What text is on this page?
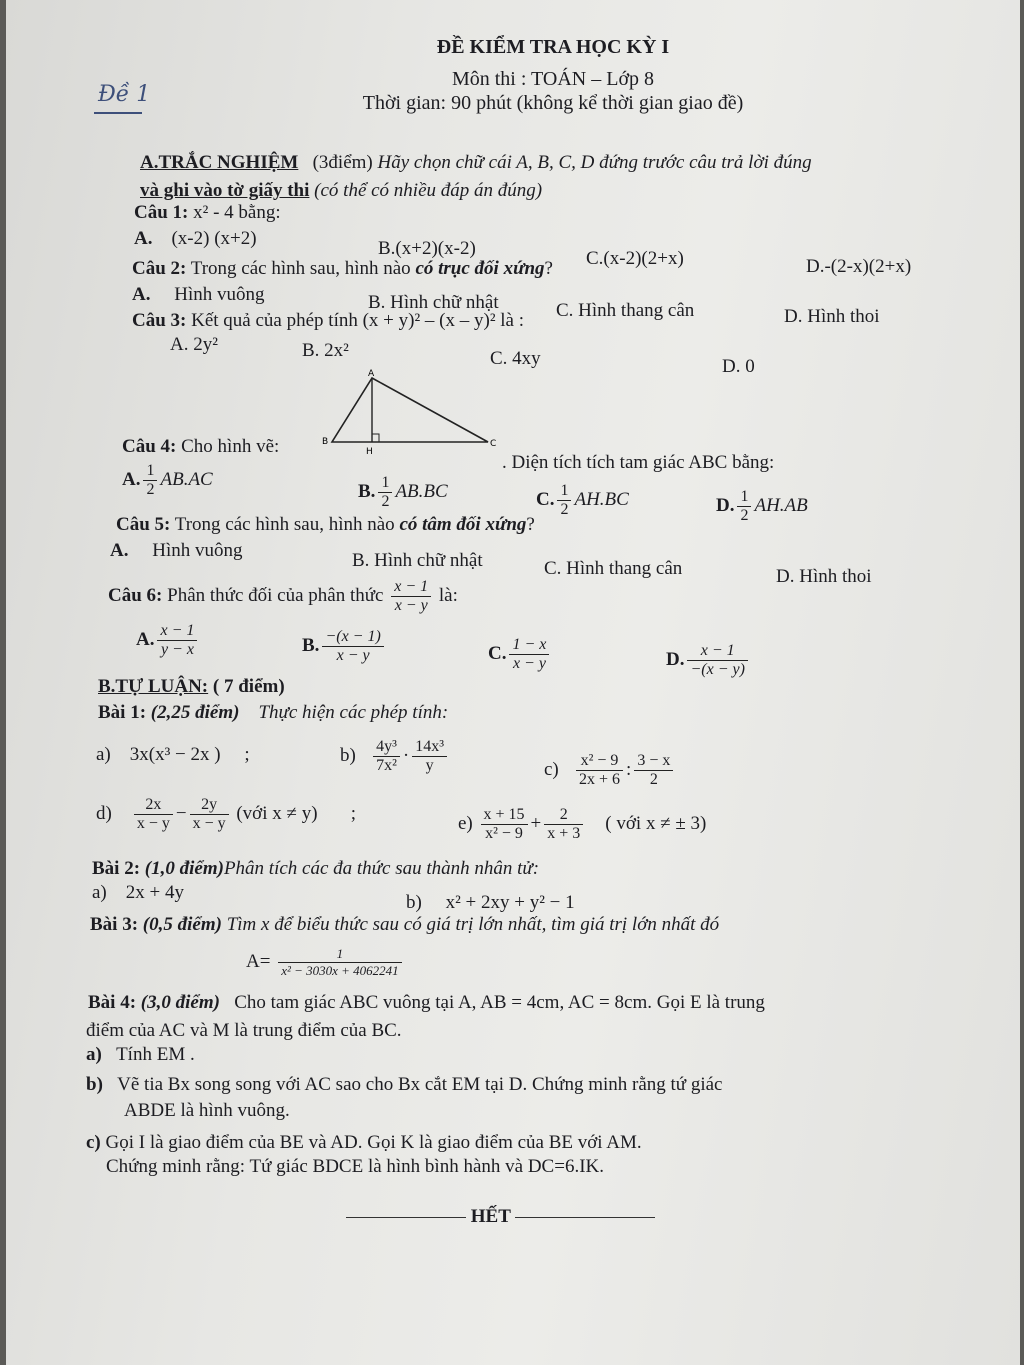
Đề 1
ĐỀ KIỂM TRA HỌC KỲ I
Môn thi : TOÁN – Lớp 8
Thời gian: 90 phút (không kể thời gian giao đề)
A.TRẮC NGHIỆM (3điểm) Hãy chọn chữ cái A, B, C, D đứng trước câu trả lời đúng
và ghi vào tờ giấy thi (có thể có nhiều đáp án đúng)
Câu 1: x² - 4 bằng:
A. (x-2) (x+2)	B.(x+2)(x-2)	C.(x-2)(2+x)	D.-(2-x)(2+x)
Câu 2: Trong các hình sau, hình nào có trục đối xứng?
A. Hình vuông	B. Hình chữ nhật	C. Hình thang cân	D. Hình thoi
Câu 3: Kết quả của phép tính (x + y)² – (x – y)² là :
A. 2y²	B. 2x²	C. 4xy	D. 0
A
B
H
C
Câu 4: Cho hình vẽ:
. Diện tích tích tam giác ABC bằng:
A. $\frac{1}{2} AB.AC$
B. $\frac{1}{2} AB.BC$	C. $\frac{1}{2} AH.BC$	D. $\frac{1}{2} AH.AB$
Câu 5: Trong các hình sau, hình nào có tâm đối xứng?
A. Hình vuông	B. Hình chữ nhật	C. Hình thang cân	D. Hình thoi
Câu 6: Phân thức đối của phân thức $\frac{x - 1}{x - y}$ là:
A. $\frac{x - 1}{y - x}$	B. $\frac{-(x - 1)}{x - y}$	C. $\frac{1 - x}{x - y}$	D. $\frac{x - 1}{-(x - y)}$
B.TỰ LUẬN: ( 7 điểm)
Bài 1: (2,25 điểm) Thực hiện các phép tính:
a) 3x(x³ − 2x ) ;	$b) \frac{\text{4y³}}{\text{7x²}} \cdot \frac{\text{14x³}}{y}$	$c) \frac{\text{x² − 9}}{2x + 6}$ : $\frac{3 - x}{2}$
$d) \frac{2x}{x - y} - \frac{2y}{x - y}$ (với x ≠ y) ;	$e) \frac{x + 15}{\text{x² − 9}} + \frac{2}{x + 3}$ ( với x ≠ ± 3)
Bài 2: (1,0 điểm)Phân tích các đa thức sau thành nhân tử:
a) 2x + 4y	b) x² + 2xy + y² − 1
Bài 3: (0,5 điểm) Tìm x để biểu thức sau có giá trị lớn nhất, tìm giá trị lớn nhất đó
$A= \frac{1}{\text{x² − 3030x + 4062241}}$
Bài 4: (3,0 điểm) Cho tam giác ABC vuông tại A, AB = 4cm, AC = 8cm. Gọi E là trung
điểm của AC và M là trung điểm của BC.
a) Tính EM .
b) Vẽ tia Bx song song với AC sao cho Bx cắt EM tại D. Chứng minh rằng tứ giác
ABDE là hình vuông.
c) Gọi I là giao điểm của BE và AD. Gọi K là giao điểm của BE với AM.
Chứng minh rằng: Tứ giác BDCE là hình bình hành và DC=6.IK.
HẾT
